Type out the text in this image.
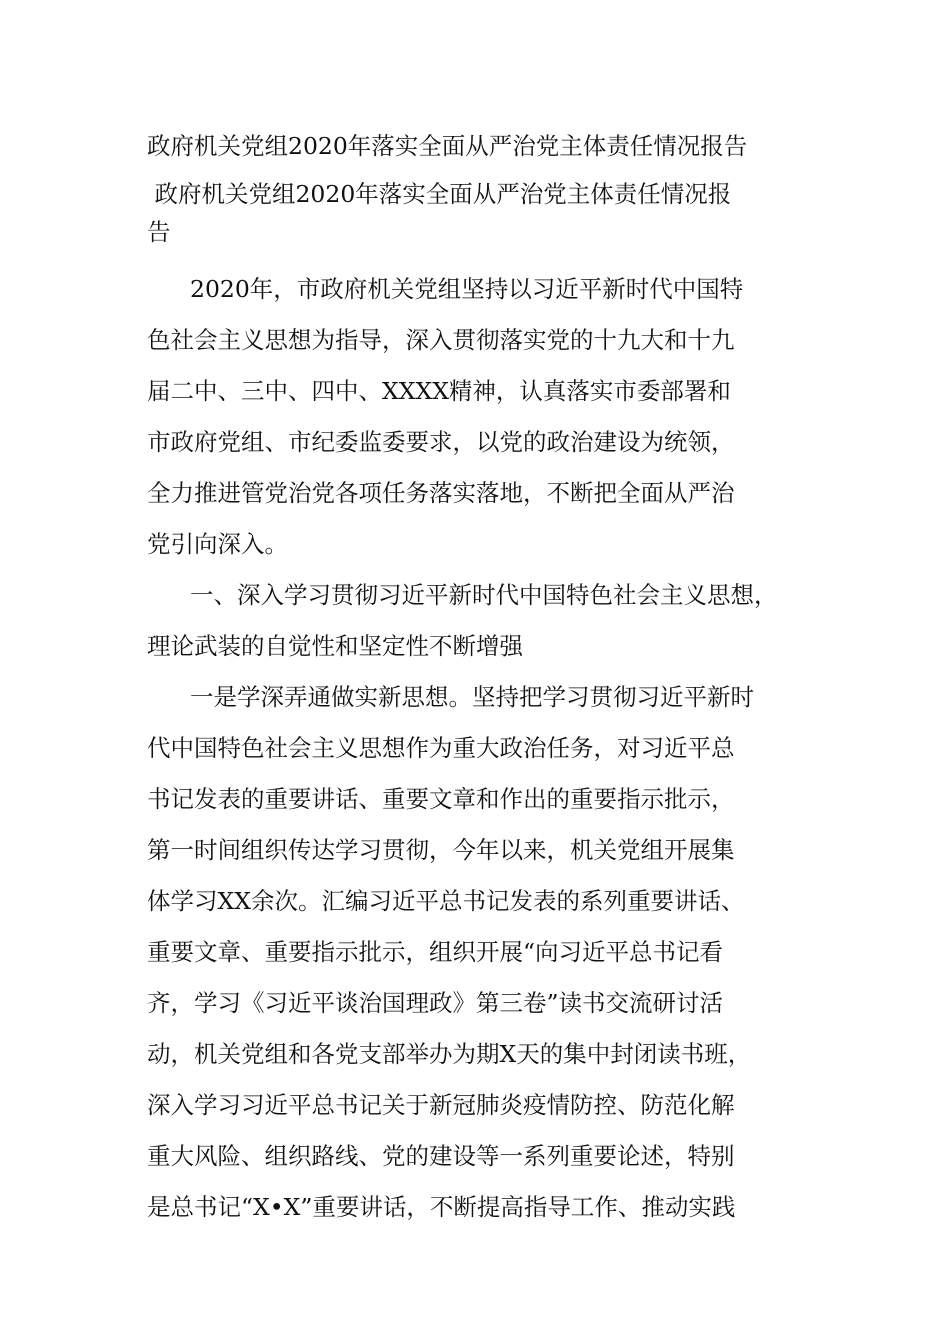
政府机关党组2020年落实全面从严治党主体责任情况报告
政府机关党组2020年落实全面从严治党主体责任情况报
告
2020年，市政府机关党组坚持以习近平新时代中国特
色社会主义思想为指导，深入贯彻落实党的十九大和十九
届二中、三中、四中、XXXX精神，认真落实市委部署和
市政府党组、市纪委监委要求，以党的政治建设为统领，
全力推进管党治党各项任务落实落地，不断把全面从严治
党引向深入。
一、深入学习贯彻习近平新时代中国特色社会主义思想，
理论武装的自觉性和坚定性不断增强
一是学深弄通做实新思想。坚持把学习贯彻习近平新时
代中国特色社会主义思想作为重大政治任务，对习近平总
书记发表的重要讲话、重要文章和作出的重要指示批示，
第一时间组织传达学习贯彻，今年以来，机关党组开展集
体学习XX余次。汇编习近平总书记发表的系列重要讲话、
重要文章、重要指示批示，组织开展“向习近平总书记看
齐，学习《习近平谈治国理政》第三卷”读书交流研讨活
动，机关党组和各党支部举办为期X天的集中封闭读书班，
深入学习习近平总书记关于新冠肺炎疫情防控、防范化解
重大风险、组织路线、党的建设等一系列重要论述，特别
是总书记“X•X”重要讲话，不断提高指导工作、推动实践
